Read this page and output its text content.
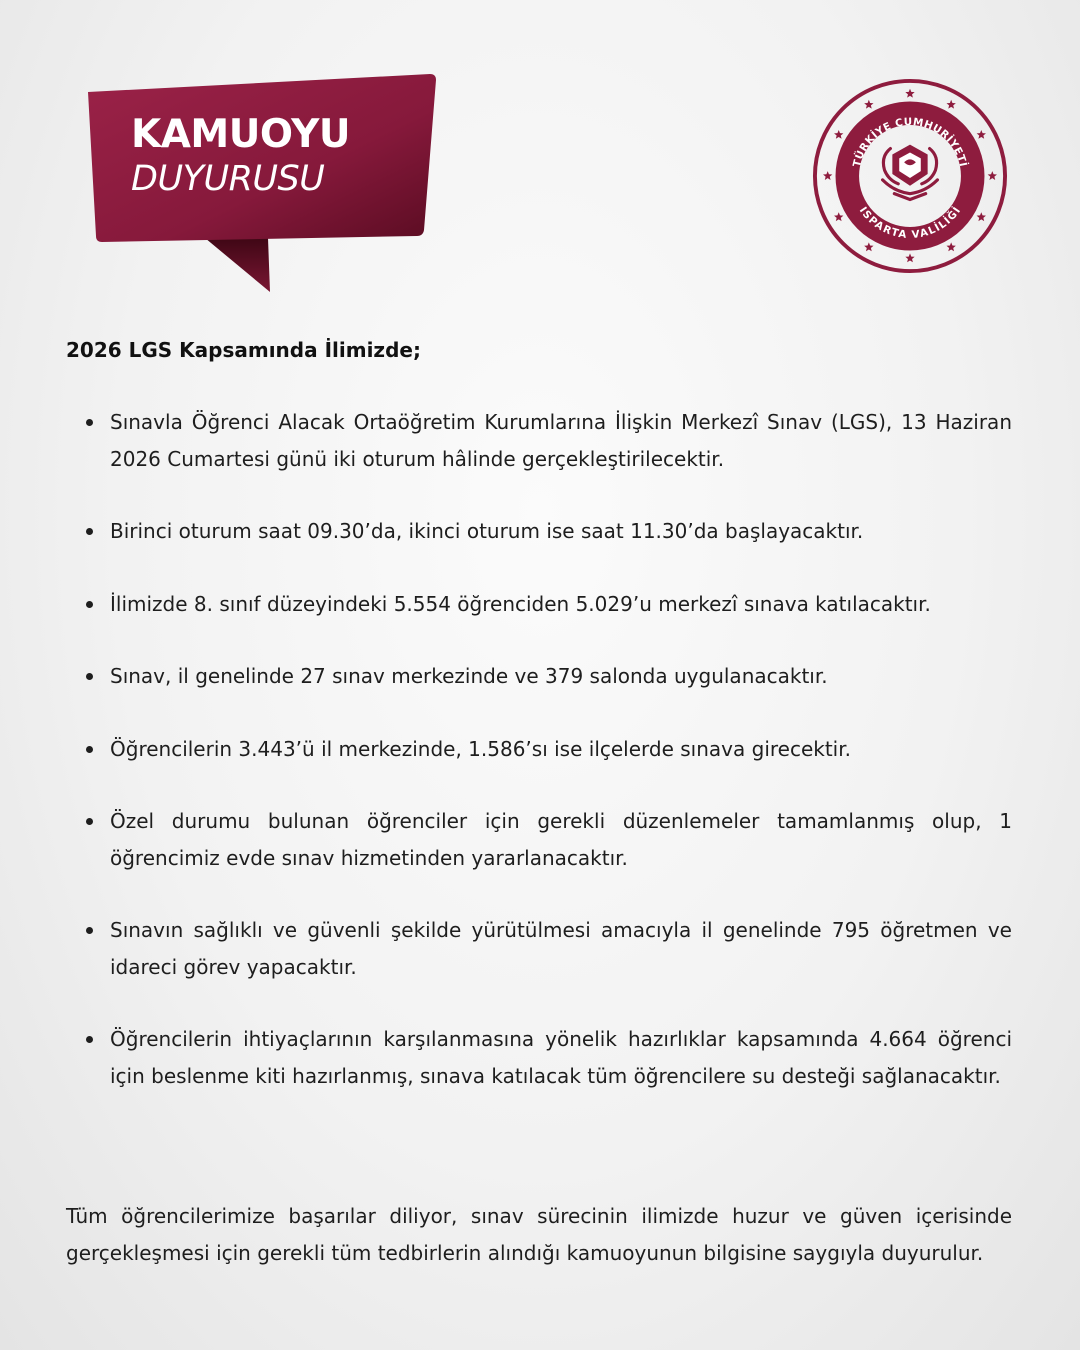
KAMUOYU
DUYURUSU	TÜRKİYE CUMHURİYETİ
ISPARTA VALİLİĞİ
2026 LGS Kapsamında İlimizde;
Sınavla Öğrenci Alacak Ortaöğretim Kurumlarına İlişkin Merkezî Sınav (LGS), 13 Haziran 2026 Cumartesi günü iki oturum hâlinde gerçekleştirilecektir.
Birinci oturum saat 09.30’da, ikinci oturum ise saat 11.30’da başlayacaktır.
İlimizde 8. sınıf düzeyindeki 5.554 öğrenciden 5.029’u merkezî sınava katılacaktır.
Sınav, il genelinde 27 sınav merkezinde ve 379 salonda uygulanacaktır.
Öğrencilerin 3.443’ü il merkezinde, 1.586’sı ise ilçelerde sınava girecektir.
Özel durumu bulunan öğrenciler için gerekli düzenlemeler tamamlanmış olup, 1 öğrencimiz evde sınav hizmetinden yararlanacaktır.
Sınavın sağlıklı ve güvenli şekilde yürütülmesi amacıyla il genelinde 795 öğretmen ve idareci görev yapacaktır.
Öğrencilerin ihtiyaçlarının karşılanmasına yönelik hazırlıklar kapsamında 4.664 öğrenci için beslenme kiti hazırlanmış, sınava katılacak tüm öğrencilere su desteği sağlanacaktır.

Tüm öğrencilerimize başarılar diliyor, sınav sürecinin ilimizde huzur ve güven içerisinde gerçekleşmesi için gerekli tüm tedbirlerin alındığı kamuoyunun bilgisine saygıyla duyurulur.
